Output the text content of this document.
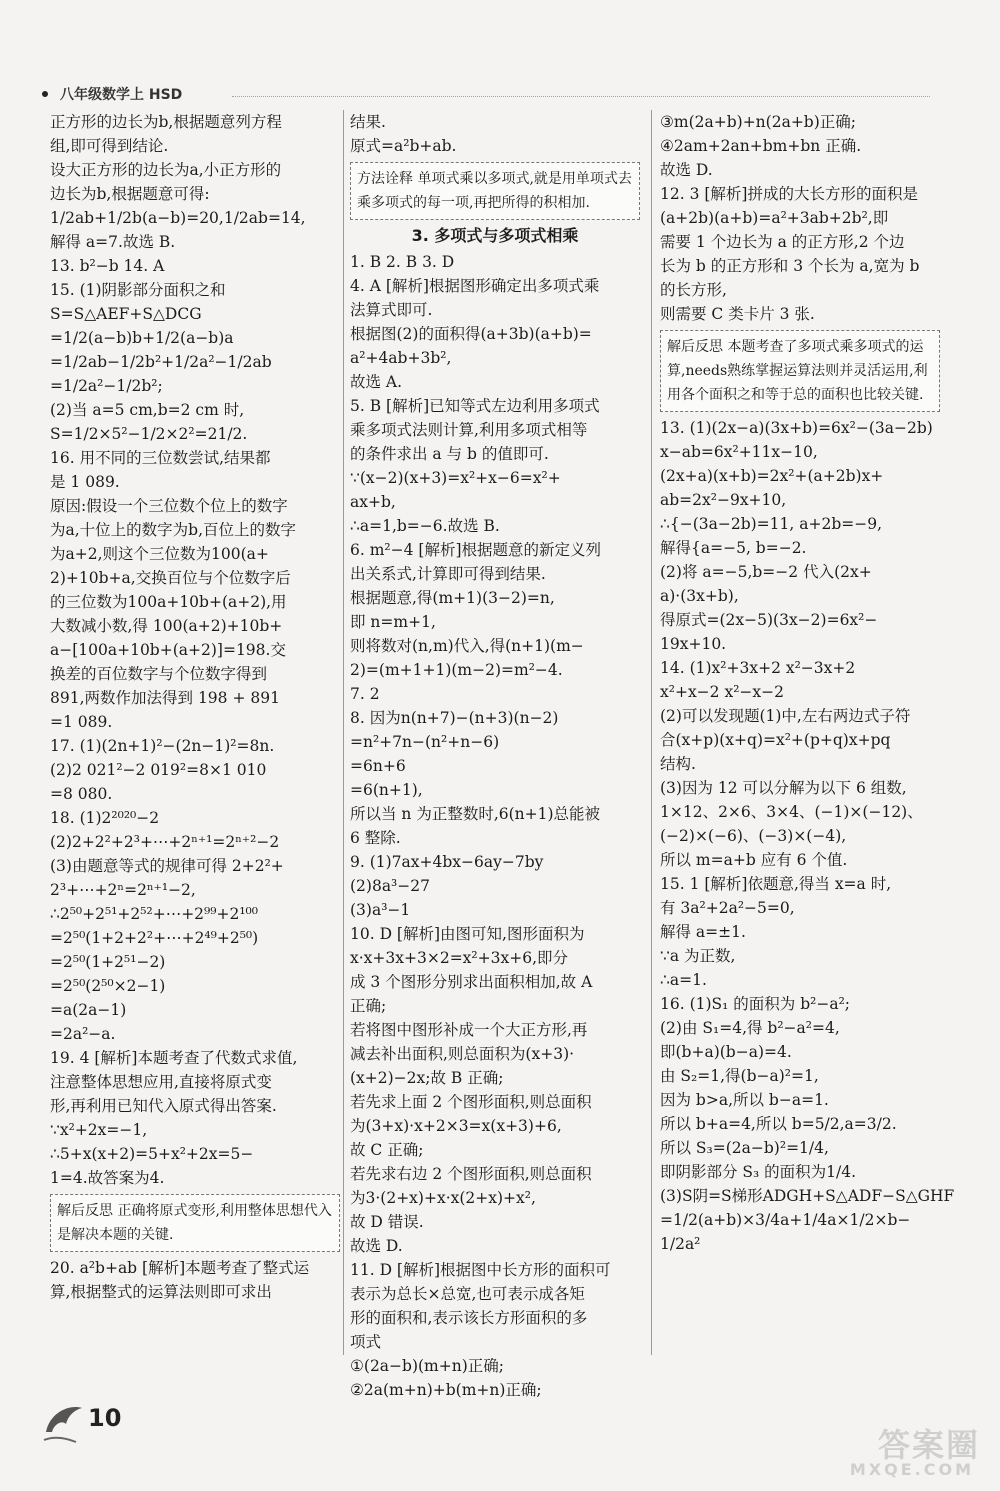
八年级数学上 HSD
正方形的边长为b,根据题意列方程
组,即可得到结论.
设大正方形的边长为a,小正方形的
边长为b,根据题意可得:
1/2ab+1/2b(a−b)=20,1/2ab=14,
解得 a=7.故选 B.
13. b²−b 14. A
15. (1)阴影部分面积之和
S=S△AEF+S△DCG
=1/2(a−b)b+1/2(a−b)a
=1/2ab−1/2b²+1/2a²−1/2ab
=1/2a²−1/2b²;
(2)当 a=5 cm,b=2 cm 时,
S=1/2×5²−1/2×2²=21/2.
16. 用不同的三位数尝试,结果都
是 1 089.
原因:假设一个三位数个位上的数字
为a,十位上的数字为b,百位上的数字
为a+2,则这个三位数为100(a+
2)+10b+a,交换百位与个位数字后
的三位数为100a+10b+(a+2),用
大数减小数,得 100(a+2)+10b+
a−[100a+10b+(a+2)]=198.交
换差的百位数字与个位数字得到
891,两数作加法得到 198 + 891
=1 089.
17. (1)(2n+1)²−(2n−1)²=8n.
(2)2 021²−2 019²=8×1 010
=8 080.
18. (1)2²⁰²⁰−2
(2)2+2²+2³+⋯+2ⁿ⁺¹=2ⁿ⁺²−2
(3)由题意等式的规律可得 2+2²+
2³+⋯+2ⁿ=2ⁿ⁺¹−2,
∴2⁵⁰+2⁵¹+2⁵²+⋯+2⁹⁹+2¹⁰⁰
=2⁵⁰(1+2+2²+⋯+2⁴⁹+2⁵⁰)
=2⁵⁰(1+2⁵¹−2)
=2⁵⁰(2⁵⁰×2−1)
=a(2a−1)
=2a²−a.
19. 4 [解析]本题考查了代数式求值,
注意整体思想应用,直接将原式变
形,再利用已知代入原式得出答案.
∵x²+2x=−1,
∴5+x(x+2)=5+x²+2x=5−
1=4.故答案为4.
解后反思 正确将原式变形,利用整体思想代入是解决本题的关键.
20. a²b+ab [解析]本题考查了整式运
算,根据整式的运算法则即可求出
结果.
原式=a²b+ab.
方法诠释 单项式乘以多项式,就是用单项式去乘多项式的每一项,再把所得的积相加.
3. 多项式与多项式相乘
1. B 2. B 3. D
4. A [解析]根据图形确定出多项式乘
法算式即可.
根据图(2)的面积得(a+3b)(a+b)=
a²+4ab+3b²,
故选 A.
5. B [解析]已知等式左边利用多项式
乘多项式法则计算,利用多项式相等
的条件求出 a 与 b 的值即可.
∵(x−2)(x+3)=x²+x−6=x²+
ax+b,
∴a=1,b=−6.故选 B.
6. m²−4 [解析]根据题意的新定义列
出关系式,计算即可得到结果.
根据题意,得(m+1)(3−2)=n,
即 n=m+1,
则将数对(n,m)代入,得(n+1)(m−
2)=(m+1+1)(m−2)=m²−4.
7. 2
8. 因为n(n+7)−(n+3)(n−2)
=n²+7n−(n²+n−6)
=6n+6
=6(n+1),
所以当 n 为正整数时,6(n+1)总能被
6 整除.
9. (1)7ax+4bx−6ay−7by
(2)8a³−27
(3)a³−1
10. D [解析]由图可知,图形面积为
x·x+3x+3×2=x²+3x+6,即分
成 3 个图形分别求出面积相加,故 A
正确;
若将图中图形补成一个大正方形,再
减去补出面积,则总面积为(x+3)·
(x+2)−2x;故 B 正确;
若先求上面 2 个图形面积,则总面积
为(3+x)·x+2×3=x(x+3)+6,
故 C 正确;
若先求右边 2 个图形面积,则总面积
为3·(2+x)+x·x(2+x)+x²,
故 D 错误.
故选 D.
11. D [解析]根据图中长方形的面积可
表示为总长×总宽,也可表示成各矩
形的面积和,表示该长方形面积的多
项式
①(2a−b)(m+n)正确;
②2a(m+n)+b(m+n)正确;
③m(2a+b)+n(2a+b)正确;
④2am+2an+bm+bn 正确.
故选 D.
12. 3 [解析]拼成的大长方形的面积是
(a+2b)(a+b)=a²+3ab+2b²,即
需要 1 个边长为 a 的正方形,2 个边
长为 b 的正方形和 3 个长为 a,宽为 b
的长方形,
则需要 C 类卡片 3 张.
解后反思 本题考查了多项式乘多项式的运算,needs熟练掌握运算法则并灵活运用,利用各个面积之和等于总的面积也比较关键.
13. (1)(2x−a)(3x+b)=6x²−(3a−2b)
x−ab=6x²+11x−10,
(2x+a)(x+b)=2x²+(a+2b)x+
ab=2x²−9x+10,
∴{−(3a−2b)=11, a+2b=−9,
解得{a=−5, b=−2.
(2)将 a=−5,b=−2 代入(2x+
a)·(3x+b),
得原式=(2x−5)(3x−2)=6x²−
19x+10.
14. (1)x²+3x+2 x²−3x+2
x²+x−2 x²−x−2
(2)可以发现题(1)中,左右两边式子符
合(x+p)(x+q)=x²+(p+q)x+pq
结构.
(3)因为 12 可以分解为以下 6 组数,
1×12、2×6、3×4、(−1)×(−12)、
(−2)×(−6)、(−3)×(−4),
所以 m=a+b 应有 6 个值.
15. 1 [解析]依题意,得当 x=a 时,
有 3a²+2a²−5=0,
解得 a=±1.
∵a 为正数,
∴a=1.
16. (1)S₁ 的面积为 b²−a²;
(2)由 S₁=4,得 b²−a²=4,
即(b+a)(b−a)=4.
由 S₂=1,得(b−a)²=1,
因为 b>a,所以 b−a=1.
所以 b+a=4,所以 b=5/2,a=3/2.
所以 S₃=(2a−b)²=1/4,
即阴影部分 S₃ 的面积为1/4.
(3)S阴=S梯形ADGH+S△ADF−S△GHF
=1/2(a+b)×3/4a+1/4a×1/2×b−
1/2a²
10
答案圈
MXQE.COM
